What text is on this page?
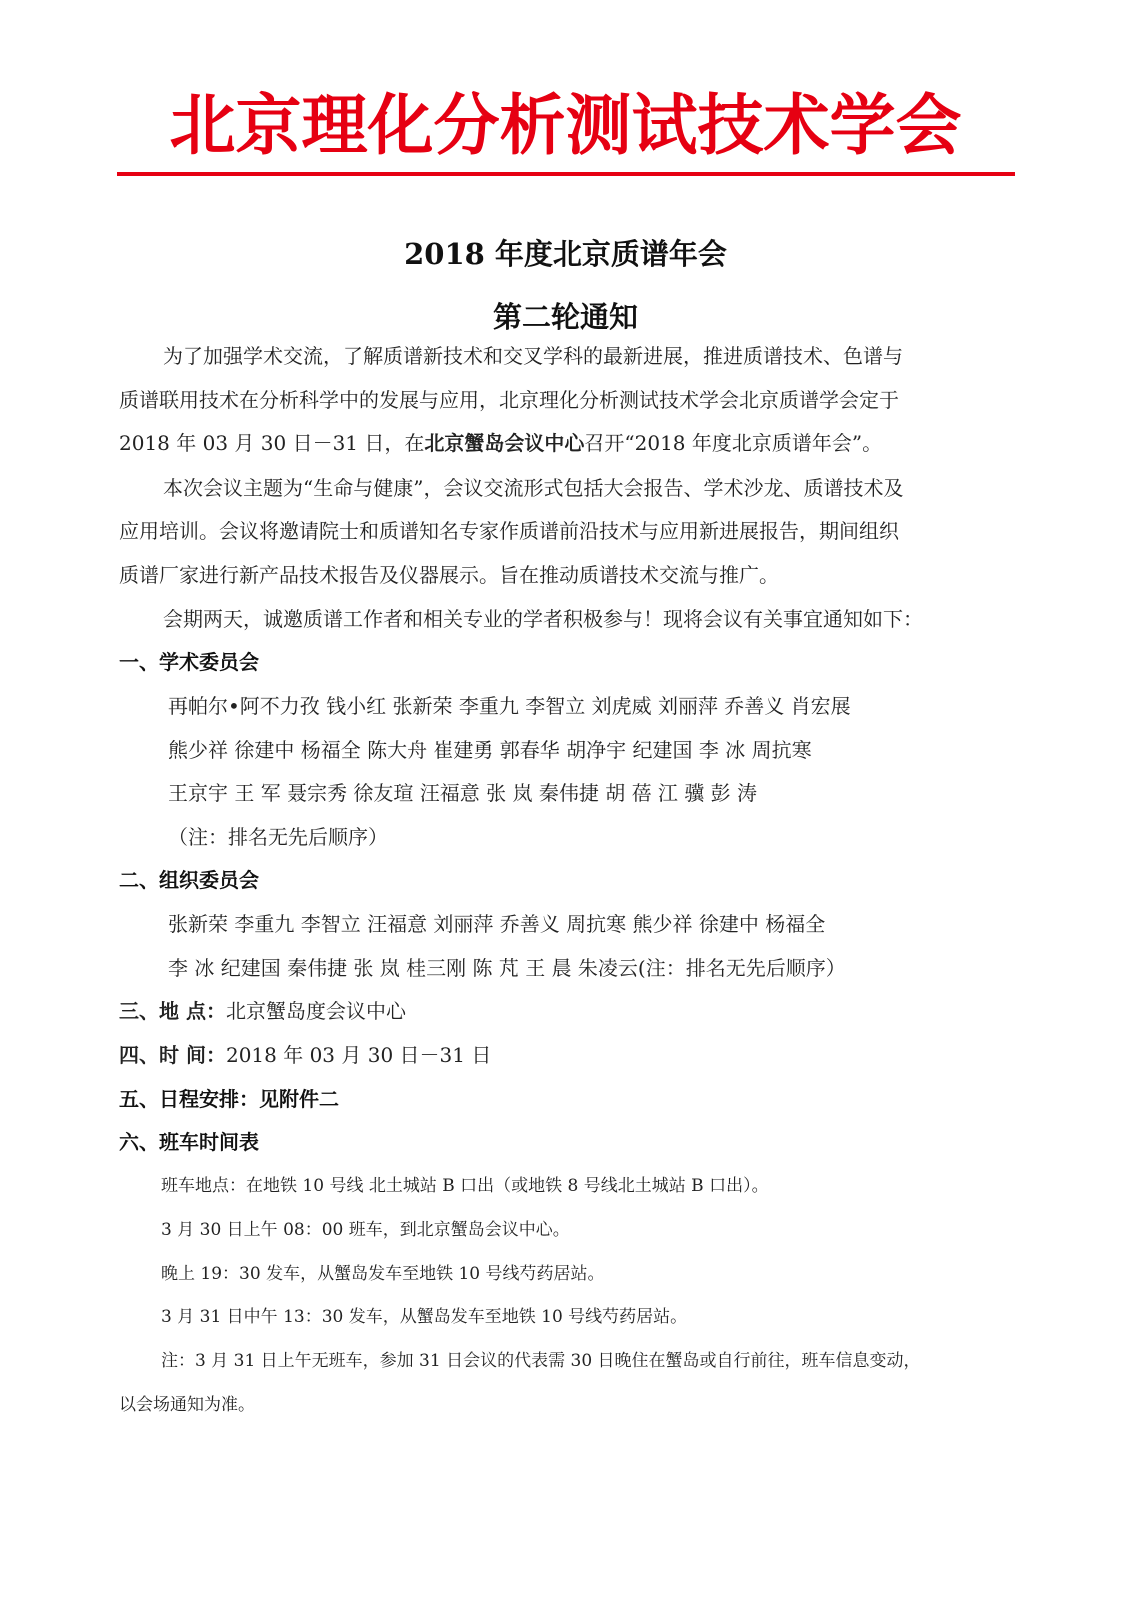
北京理化分析测试技术学会
2018 年度北京质谱年会
第二轮通知
为了加强学术交流，了解质谱新技术和交叉学科的最新进展，推进质谱技术、色谱与
质谱联用技术在分析科学中的发展与应用，北京理化分析测试技术学会北京质谱学会定于
2018 年 03 月 30 日－31 日，在北京蟹岛会议中心召开“2018 年度北京质谱年会”。
本次会议主题为“生命与健康”，会议交流形式包括大会报告、学术沙龙、质谱技术及
应用培训。会议将邀请院士和质谱知名专家作质谱前沿技术与应用新进展报告，期间组织
质谱厂家进行新产品技术报告及仪器展示。旨在推动质谱技术交流与推广。
会期两天，诚邀质谱工作者和相关专业的学者积极参与！现将会议有关事宜通知如下：
一、学术委员会
再帕尔•阿不力孜 钱小红 张新荣 李重九 李智立 刘虎威 刘丽萍 乔善义 肖宏展
熊少祥 徐建中 杨福全 陈大舟 崔建勇 郭春华 胡净宇 纪建国 李 冰 周抗寒
王京宇 王 军 聂宗秀 徐友瑄 汪福意 张 岚 秦伟捷 胡 蓓 江 骥 彭 涛
（注：排名无先后顺序）
二、组织委员会
张新荣 李重九 李智立 汪福意 刘丽萍 乔善义 周抗寒 熊少祥 徐建中 杨福全
李 冰 纪建国 秦伟捷 张 岚 桂三刚 陈 芃 王 晨 朱凌云(注：排名无先后顺序）
三、地 点：北京蟹岛度会议中心
四、时 间：2018 年 03 月 30 日－31 日
五、日程安排：见附件二
六、班车时间表
班车地点：在地铁 10 号线 北土城站 B 口出（或地铁 8 号线北土城站 B 口出）。
3 月 30 日上午 08：00 班车，到北京蟹岛会议中心。
晚上 19：30 发车，从蟹岛发车至地铁 10 号线芍药居站。
3 月 31 日中午 13：30 发车，从蟹岛发车至地铁 10 号线芍药居站。
注：3 月 31 日上午无班车，参加 31 日会议的代表需 30 日晚住在蟹岛或自行前往，班车信息变动，
以会场通知为准。
